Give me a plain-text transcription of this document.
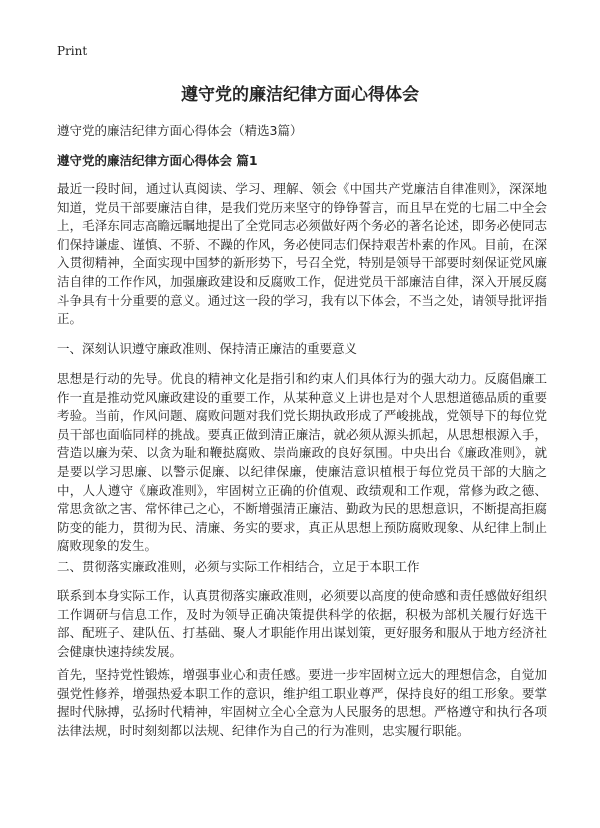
Print
遵守党的廉洁纪律方面心得体会

遵守党的廉洁纪律方面心得体会（精选3篇）

遵守党的廉洁纪律方面心得体会 篇1

最近一段时间，通过认真阅读、学习、理解、领会《中国共产党廉洁自律准则》，深深地知道，党员干部要廉洁自律，是我们党历来坚守的铮铮誓言，而且早在党的七届二中全会上，毛泽东同志高瞻远瞩地提出了全党同志必须做好两个务必的著名论述，即务必使同志们保持谦虚、谨慎、不骄、不躁的作风，务必使同志们保持艰苦朴素的作风。目前，在深入贯彻精神，全面实现中国梦的新形势下，号召全党，特别是领导干部要时刻保证党风廉洁自律的工作作风，加强廉政建设和反腐败工作，促进党员干部廉洁自律，深入开展反腐斗争具有十分重要的意义。通过这一段的学习，我有以下体会，不当之处，请领导批评指正。

一、深刻认识遵守廉政准则、保持清正廉洁的重要意义

思想是行动的先导。优良的精神文化是指引和约束人们具体行为的强大动力。反腐倡廉工作一直是推动党风廉政建设的重要工作，从某种意义上讲也是对个人思想道德品质的重要考验。当前，作风问题、腐败问题对我们党长期执政形成了严峻挑战，党领导下的每位党员干部也面临同样的挑战。要真正做到清正廉洁，就必须从源头抓起，从思想根源入手，营造以廉为荣、以贪为耻和鞭挞腐败、崇尚廉政的良好氛围。中央出台《廉政准则》，就是要以学习思廉、以警示促廉、以纪律保廉，使廉洁意识植根于每位党员干部的大脑之中，人人遵守《廉政准则》，牢固树立正确的价值观、政绩观和工作观，常修为政之德、常思贪欲之害、常怀律己之心，不断增强清正廉洁、勤政为民的思想意识，不断提高拒腐防变的能力，贯彻为民、清廉、务实的要求，真正从思想上预防腐败现象、从纪律上制止腐败现象的发生。

二、贯彻落实廉政准则，必须与实际工作相结合，立足于本职工作

联系到本身实际工作，认真贯彻落实廉政准则，必须要以高度的使命感和责任感做好组织工作调研与信息工作，及时为领导正确决策提供科学的依据，积极为部机关履行好选干部、配班子、建队伍、打基础、聚人才职能作用出谋划策，更好服务和服从于地方经济社会健康快速持续发展。

首先，坚持党性锻炼，增强事业心和责任感。要进一步牢固树立远大的理想信念，自觉加强党性修养，增强热爱本职工作的意识，维护组工职业尊严，保持良好的组工形象。要掌握时代脉搏，弘扬时代精神，牢固树立全心全意为人民服务的思想。严格遵守和执行各项法律法规，时时刻刻都以法规、纪律作为自己的行为准则，忠实履行职能。
